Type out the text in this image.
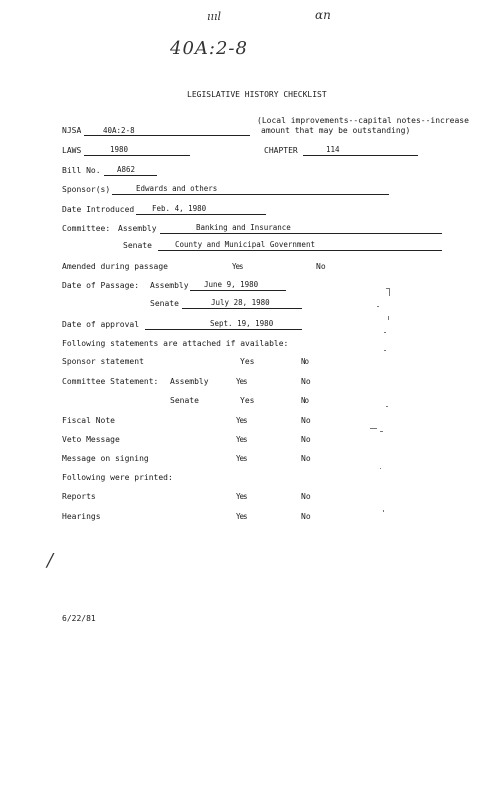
ıııl	ɑn
40A:2-8
/
LEGISLATIVE HISTORY CHECKLIST
(Local improvements--capital notes--increase
amount that may be outstanding)
NJSA	40A:2-8
LAWS	1980	CHAPTER	114
Bill No. A862
Sponsor(s)	Edwards and others
Date Introduced Feb. 4, 1980
Committee: Assembly	Banking and Insurance
Senate	County and Municipal Government
Amended during passage	Yes	No
Date of Passage: Assembly June 9, 1980
Senate	July 28, 1980
Date of approval	Sept. 19, 1980
Following statements are attached if available:
Sponsor statement	Yes	No
Committee Statement: Assembly	Yes	No
Senate	Yes	No
Fiscal Note	Yes	No
Veto Message	Yes	No
Message on signing	Yes	No
Following were printed:
Reports	Yes	No
Hearings	Yes	No
6/22/81
